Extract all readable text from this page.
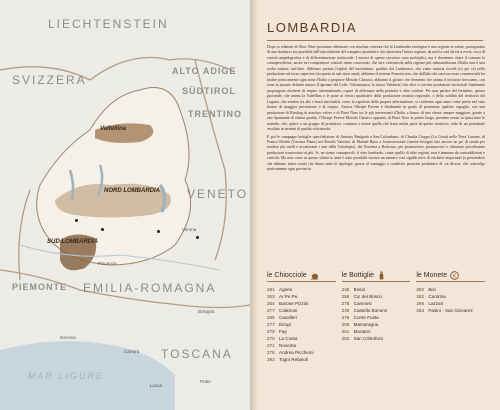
LIECHTENSTEIN
SVIZZERA
ALTO ADIGE
SÜDTIROL
TRENTINO
VENETO
PIEMONTE EMILIA-ROMAGNA
TOSCANA
MAR LIGURE
Valtellina
NORD LOMBARDIA
SUD LOMBARDIA
Genova
Piacenza
Bologna
Verona
Carrara
Lucca
Prato
LOMBARDIA

Dopo io edizioni di Slow Wine possiamo affermare con assoluta certezza che la Lombardia enologica è una regione in salute, protagonista di una fioritura resa possibile dall'articolazione del comparto produttivo che attraversa l'intera regione, da nord a sud, da est a ovest, ricca di varietà ampelografica e di differenziazione territoriale. I motori di questo successo sono molteplici, ma è dovemmo citare il comune la consapevolezza, anche nei comprensori vinicoli meno conosciuti, che fare vitivinicola nella regione più industrializzata d'Italia non è una scelta minore, tutt'altro. Abbiamo portato l'esploit del movimento, guidato dal Lambrusco, che viene tuttavia ricordi (ce per ce) nella produzione sul rosso superiore (ricoperto in sub ottoe anni); abbiamo il sistema Franciacorta, che dall'alto dei suoi successo commerciale ha inoltre praticamente ogni zona d'Italia a proporre Metodo Classico; abbiamo il giostro che fermento che anima il territorio bresciano, con zone in passato definite minori (Capriano del Colle, Valcamonica, la stessa Valtènesi) che oltre a corrette produzioni territoriali finalmente propongono etichette di respiro internazionale, capaci di affermare nella penisola e oltre confine. Per non parlare del fermento, spesso giovanile, che anima la Valtellina e le pone ai vertici qualitativi della produzione rossista regionale, o della solidità del territorio del Lugana, che sembra tra alti e bassi inevitabili, verso la capolista della propria affermazione, si conferma ogni anno come pietra nel vino bianco di maggior prestazione e di respiro. Ancora Oltrepò Pavese è finalmente in grado di presentare qualche orgoglio, con una produzione di Riesling di assoluto valore e di Pinot Nero tra le più interessanti d'Italia, a fianco di uno sforzo sempre maggiore, grazie a uno Spumante di ottima qualità, l'Oltrepò Pavese Metodo Classico appunto, di Pinot Nero in primo luogo, presente ormai in quasi tutte le aziende, che, spiace a un gruppo di produttori, continua a essere quello che frena molta parte di questo territorio, sede di un potenziale assoluto in termini di qualità vitivinicola.

E poi le campagne bottiglie quest'edizione di Antonio Panigada a San Colombano, di Claudia Cioppa (La Costa) nelle Terre Lariane, di Franco Bertini (Cascina Piano) nei Ronchi Varesini, di Manuel Bava a Scanzorosciate (morire bisogno fare ancora un po' di strada per rendere più snelli e accattivanti i vini della Valcalepio), dei Noventa a Botticino, per promuovere, promuovere o rilanciare piccolissime produzioni sconosciute ai più. Si, ne siamo consapevoli: il vino lombardo, come quello di altre regioni, non è immune da contraddizioni e criticità. Ma mai come in questo ultimi io anni è stato possibile trovare un numero così significativo di etichette importanti (a prescindere che abbiano intere zone) che diano tante le tipologie, grazie al vantaggio e condivise passione produttivo di cui diceva, che coinvolge praticamente ogni provincia.

le Chiocciole
281 Agnes
263 Ar.Pe.Pe.
264 Barone Pizzini
277 Calatroni
265 Cavalleri
277 Dirupi
279 Fay
270 La Costa
271 Noventa
279 Andrea Picchioni
283 Togni Rebaioli
le Bottiglie
246 Bosio
255 Ca' del Bosco
278 Camossi
249 Castello Bonomi
276 Conte Fusta
256 Mamaragna
261 Muratori
252 San Cristoforo
le Monete €
282 Bisi
282 Cantrina
266 Lazzari
283 Pasini - San Giovanni
